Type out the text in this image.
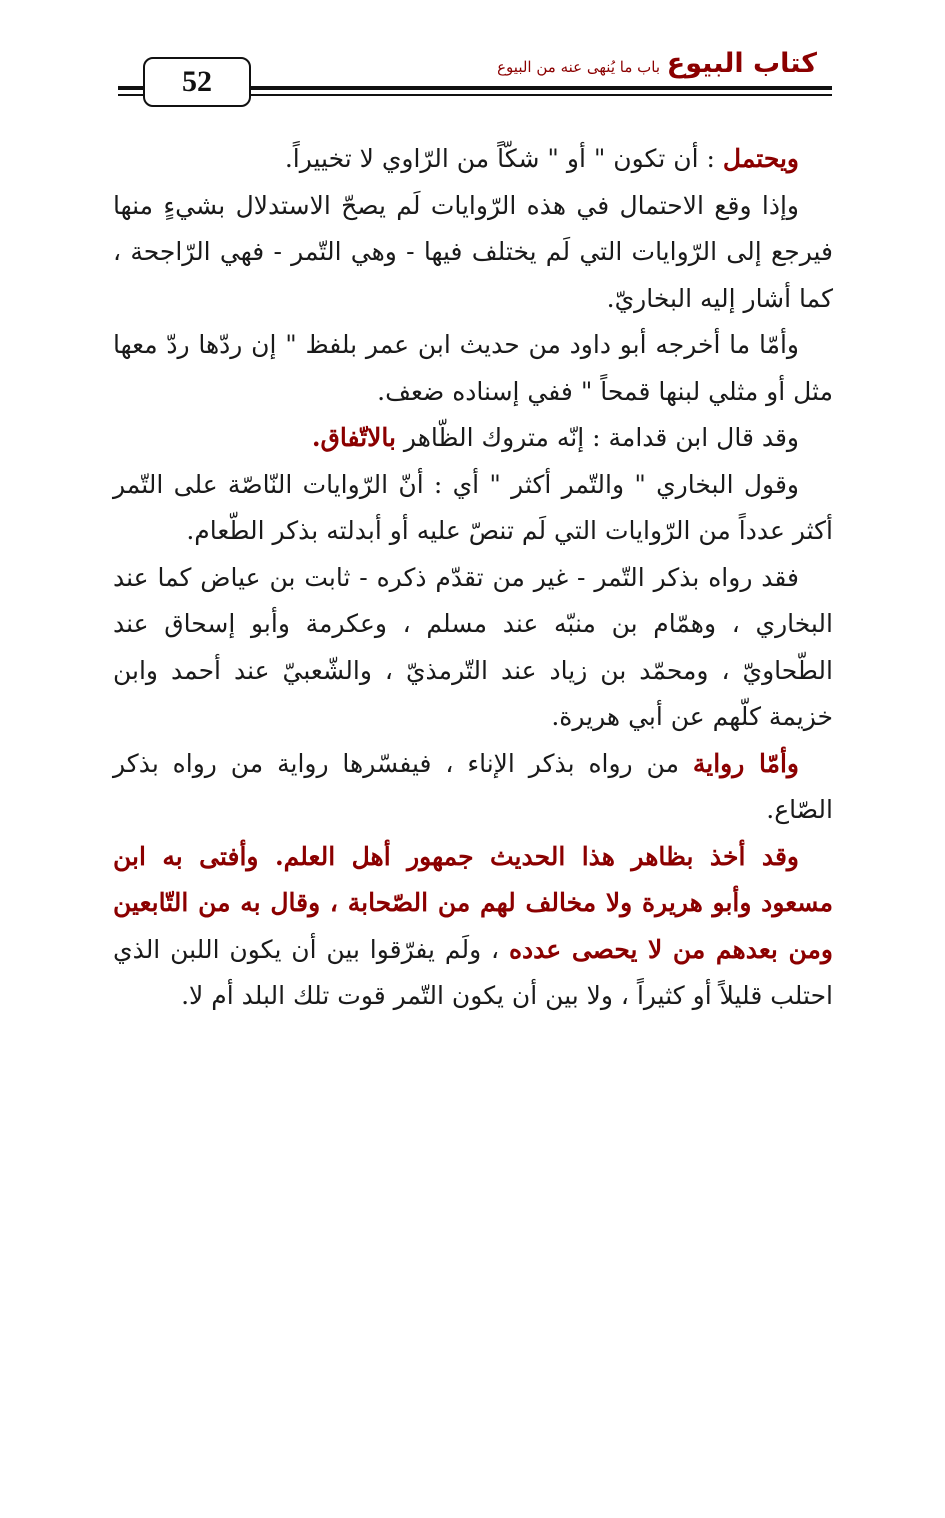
52
كتاب البيوع
باب ما يُنهى عنه من البيوع

ويحتمل : أن تكون " أو " شكّاً من الرّاوي لا تخييراً.

وإذا وقع الاحتمال في هذه الرّوايات لَم يصحّ الاستدلال بشيءٍ منها فيرجع إلى الرّوايات التي لَم يختلف فيها - وهي التّمر - فهي الرّاجحة ، كما أشار إليه البخاريّ.

وأمّا ما أخرجه أبو داود من حديث ابن عمر بلفظ " إن ردّها ردّ معها مثل أو مثلي لبنها قمحاً " ففي إسناده ضعف.

وقد قال ابن قدامة : إنّه متروك الظّاهر بالاتّفاق.

وقول البخاري " والتّمر أكثر " أي : أنّ الرّوايات النّاصّة على التّمر أكثر عدداً من الرّوايات التي لَم تنصّ عليه أو أبدلته بذكر الطّعام.

فقد رواه بذكر التّمر - غير من تقدّم ذكره - ثابت بن عياض كما عند البخاري ، وهمّام بن منبّه عند مسلم ، وعكرمة وأبو إسحاق عند الطّحاويّ ، ومحمّد بن زياد عند التّرمذيّ ، والشّعبيّ عند أحمد وابن خزيمة كلّهم عن أبي هريرة.

وأمّا رواية من رواه بذكر الإناء ، فيفسّرها رواية من رواه بذكر الصّاع.

وقد أخذ بظاهر هذا الحديث جمهور أهل العلم. وأفتى به ابن مسعود وأبو هريرة ولا مخالف لهم من الصّحابة ، وقال به من التّابعين ومن بعدهم من لا يحصى عدده ، ولَم يفرّقوا بين أن يكون اللبن الذي احتلب قليلاً أو كثيراً ، ولا بين أن يكون التّمر قوت تلك البلد أم لا.
